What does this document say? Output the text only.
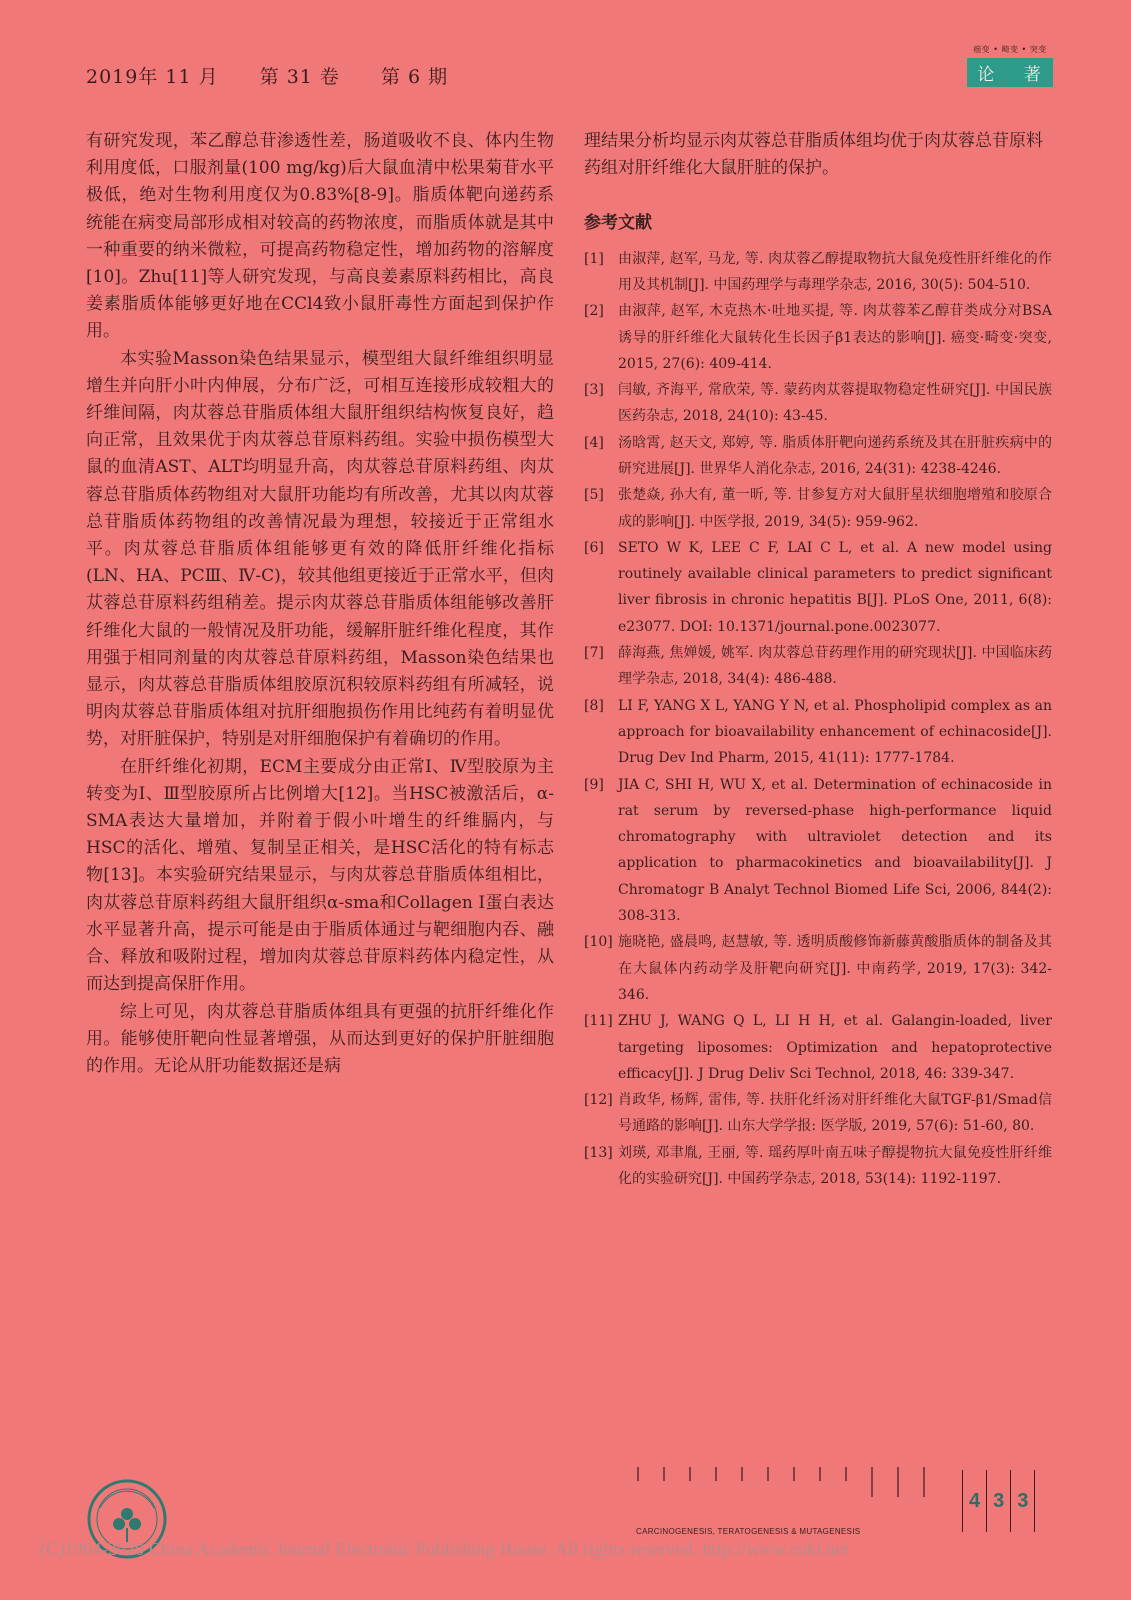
2019年 11 月 第 31 卷 第 6 期
癌变 • 畸变 • 突变
论 著

有研究发现，苯乙醇总苷渗透性差，肠道吸收不良、体内生物利用度低，口服剂量(100 mg/kg)后大鼠血清中松果菊苷水平极低，绝对生物利用度仅为0.83%[8-9]。脂质体靶向递药系统能在病变局部形成相对较高的药物浓度，而脂质体就是其中一种重要的纳米微粒，可提高药物稳定性，增加药物的溶解度[10]。Zhu[11]等人研究发现，与高良姜素原料药相比，高良姜素脂质体能够更好地在CCl4致小鼠肝毒性方面起到保护作用。

本实验Masson染色结果显示，模型组大鼠纤维组织明显增生并向肝小叶内伸展，分布广泛，可相互连接形成较粗大的纤维间隔，肉苁蓉总苷脂质体组大鼠肝组织结构恢复良好，趋向正常，且效果优于肉苁蓉总苷原料药组。实验中损伤模型大鼠的血清AST、ALT均明显升高，肉苁蓉总苷原料药组、肉苁蓉总苷脂质体药物组对大鼠肝功能均有所改善，尤其以肉苁蓉总苷脂质体药物组的改善情况最为理想，较接近于正常组水平。肉苁蓉总苷脂质体组能够更有效的降低肝纤维化指标(LN、HA、PCⅢ、Ⅳ-C)，较其他组更接近于正常水平，但肉苁蓉总苷原料药组稍差。提示肉苁蓉总苷脂质体组能够改善肝纤维化大鼠的一般情况及肝功能，缓解肝脏纤维化程度，其作用强于相同剂量的肉苁蓉总苷原料药组，Masson染色结果也显示，肉苁蓉总苷脂质体组胶原沉积较原料药组有所减轻，说明肉苁蓉总苷脂质体组对抗肝细胞损伤作用比纯药有着明显优势，对肝脏保护，特别是对肝细胞保护有着确切的作用。

在肝纤维化初期，ECM主要成分由正常Ⅰ、Ⅳ型胶原为主转变为Ⅰ、Ⅲ型胶原所占比例增大[12]。当HSC被激活后，α-SMA表达大量增加，并附着于假小叶增生的纤维膈内，与HSC的活化、增殖、复制呈正相关，是HSC活化的特有标志物[13]。本实验研究结果显示，与肉苁蓉总苷脂质体组相比，肉苁蓉总苷原料药组大鼠肝组织α-sma和Collagen Ⅰ蛋白表达水平显著升高，提示可能是由于脂质体通过与靶细胞内吞、融合、释放和吸附过程，增加肉苁蓉总苷原料药体内稳定性，从而达到提高保肝作用。

综上可见，肉苁蓉总苷脂质体组具有更强的抗肝纤维化作用。能够使肝靶向性显著增强，从而达到更好的保护肝脏细胞的作用。无论从肝功能数据还是病

理结果分析均显示肉苁蓉总苷脂质体组均优于肉苁蓉总苷原料药组对肝纤维化大鼠肝脏的保护。

参考文献
[1]	由淑萍, 赵军, 马龙, 等. 肉苁蓉乙醇提取物抗大鼠免疫性肝纤维化的作用及其机制[J]. 中国药理学与毒理学杂志, 2016, 30(5): 504-510.
[2]	由淑萍, 赵军, 木克热木·吐地买提, 等. 肉苁蓉苯乙醇苷类成分对BSA诱导的肝纤维化大鼠转化生长因子β1表达的影响[J]. 癌变·畸变·突变, 2015, 27(6): 409-414.
[3]	闫敏, 齐海平, 常欣荣, 等. 蒙药肉苁蓉提取物稳定性研究[J]. 中国民族医药杂志, 2018, 24(10): 43-45.
[4]	汤晗霄, 赵天文, 郑婷, 等. 脂质体肝靶向递药系统及其在肝脏疾病中的研究进展[J]. 世界华人消化杂志, 2016, 24(31): 4238-4246.
[5]	张楚焱, 孙大有, 董一昕, 等. 甘参复方对大鼠肝星状细胞增殖和胶原合成的影响[J]. 中医学报, 2019, 34(5): 959-962.
[6]	SETO W K, LEE C F, LAI C L, et al. A new model using routinely available clinical parameters to predict significant liver fibrosis in chronic hepatitis B[J]. PLoS One, 2011, 6(8): e23077. DOI: 10.1371/journal.pone.0023077.
[7]	薛海燕, 焦婵媛, 姚军. 肉苁蓉总苷药理作用的研究现状[J]. 中国临床药理学杂志, 2018, 34(4): 486-488.
[8]	LI F, YANG X L, YANG Y N, et al. Phospholipid complex as an approach for bioavailability enhancement of echinacoside[J]. Drug Dev Ind Pharm, 2015, 41(11): 1777-1784.
[9]	JIA C, SHI H, WU X, et al. Determination of echinacoside in rat serum by reversed-phase high-performance liquid chromatography with ultraviolet detection and its application to pharmacokinetics and bioavailability[J]. J Chromatogr B Analyt Technol Biomed Life Sci, 2006, 844(2): 308-313.
[10] 施晓艳, 盛晨鸣, 赵慧敏, 等. 透明质酸修饰新藤黄酸脂质体的制备及其在大鼠体内药动学及肝靶向研究[J]. 中南药学, 2019, 17(3): 342-346.
[11] ZHU J, WANG Q L, LI H H, et al. Galangin-loaded, liver targeting liposomes: Optimization and hepatoprotective efficacy[J]. J Drug Deliv Sci Technol, 2018, 46: 339-347.
[12] 肖政华, 杨辉, 雷伟, 等. 扶肝化纤汤对肝纤维化大鼠TGF-β1/Smad信号通路的影响[J]. 山东大学学报: 医学版, 2019, 57(6): 51-60, 80.
[13] 刘瑛, 邓聿胤, 王丽, 等. 瑶药厚叶南五味子醇提物抗大鼠免疫性肝纤维化的实验研究[J]. 中国药学杂志, 2018, 53(14): 1192-1197.
CARCINOGENESIS, TERATOGENESIS & MUTAGENESIS
4 3 3
(C)1994-2020 China Academic Journal Electronic Publishing House. All rights reserved. http://www.cnki.net
